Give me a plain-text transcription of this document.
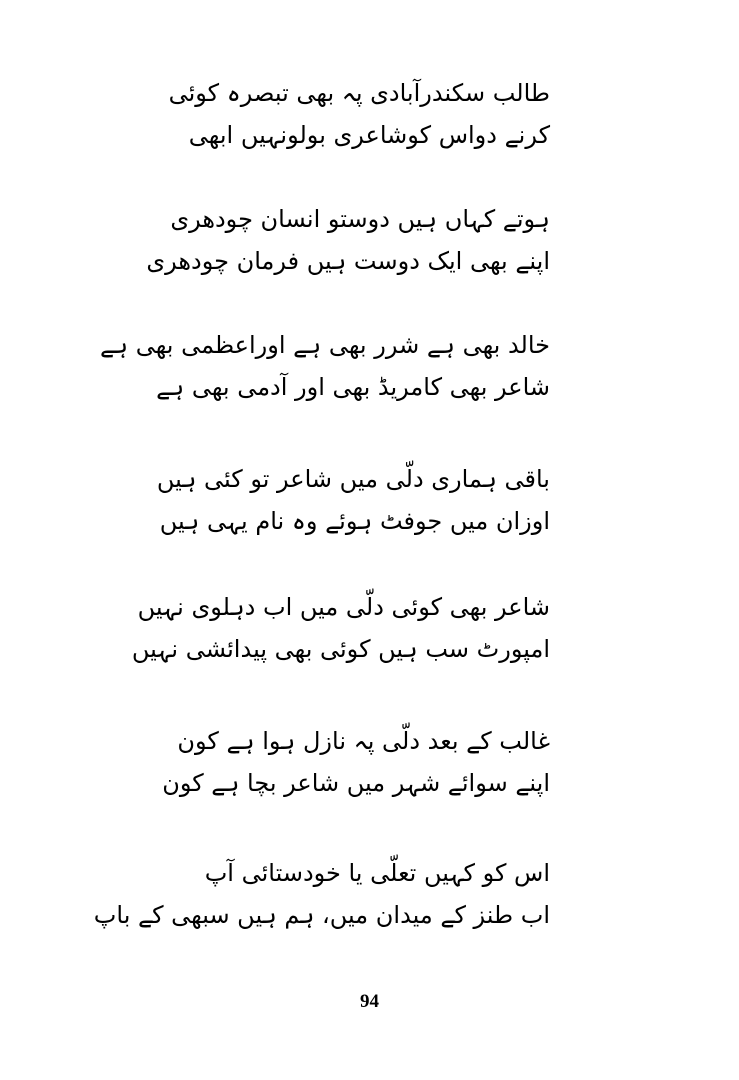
طالب سکندرآبادی پہ بھی تبصرہ کوئی
کرنے دواس کوشاعری بولونہیں ابھی
ہوتے کہاں ہیں دوستو انسان چودھری
اپنے بھی ایک دوست ہیں فرمان چودھری
خالد بھی ہے شرر بھی ہے اوراعظمی بھی ہے
شاعر بھی کامریڈ بھی اور آدمی بھی ہے
باقی ہماری دلّی میں شاعر تو کئی ہیں
اوزان میں جوفٹ ہوئے وہ نام یہی ہیں
شاعر بھی کوئی دلّی میں اب دہلوی نہیں
امپورٹ سب ہیں کوئی بھی پیدائشی نہیں
غالب کے بعد دلّی پہ نازل ہوا ہے کون
اپنے سوائے شہر میں شاعر بچا ہے کون
اس کو کہیں تعلّی یا خودستائی آپ
اب طنز کے میدان میں، ہم ہیں سبھی کے باپ
94
